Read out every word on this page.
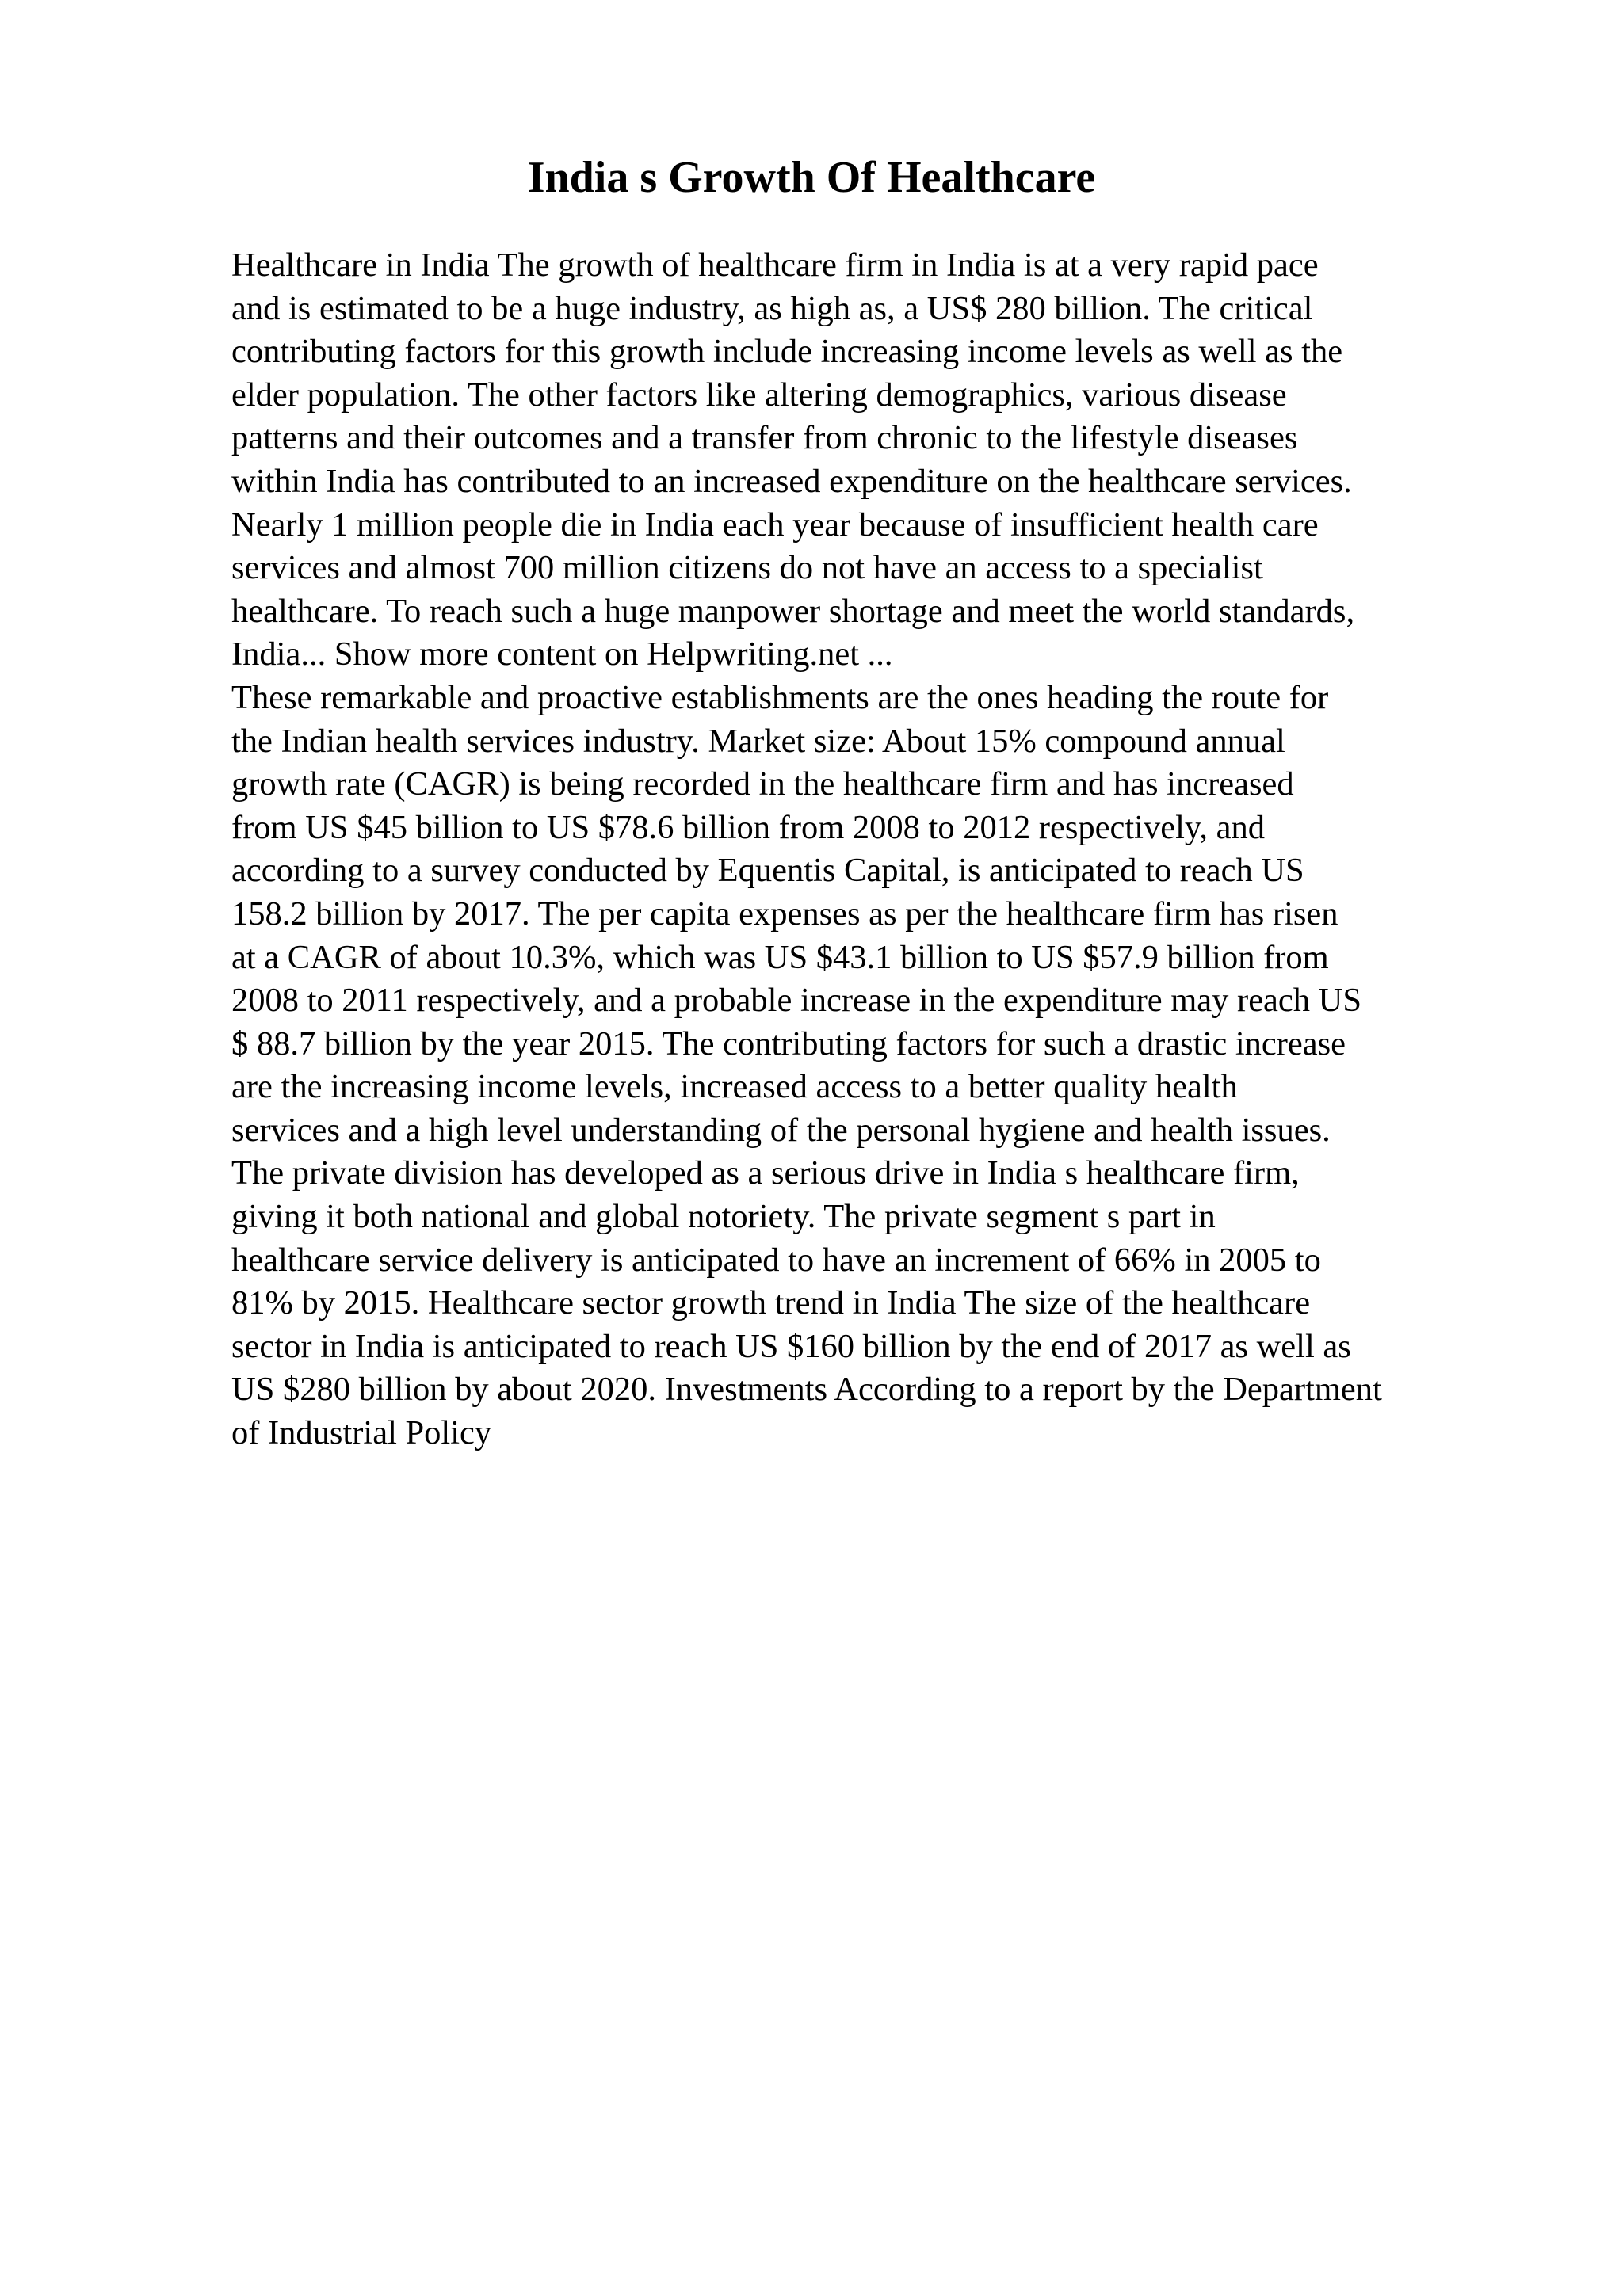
India s Growth Of Healthcare
Healthcare in India The growth of healthcare firm in India is at a very rapid pace
and is estimated to be a huge industry, as high as, a US$ 280 billion. The critical
contributing factors for this growth include increasing income levels as well as the
elder population. The other factors like altering demographics, various disease
patterns and their outcomes and a transfer from chronic to the lifestyle diseases
within India has contributed to an increased expenditure on the healthcare services.
Nearly 1 million people die in India each year because of insufficient health care
services and almost 700 million citizens do not have an access to a specialist
healthcare. To reach such a huge manpower shortage and meet the world standards,
India... Show more content on Helpwriting.net ...
These remarkable and proactive establishments are the ones heading the route for
the Indian health services industry. Market size: About 15% compound annual
growth rate (CAGR) is being recorded in the healthcare firm and has increased
from US $45 billion to US $78.6 billion from 2008 to 2012 respectively, and
according to a survey conducted by Equentis Capital, is anticipated to reach US
158.2 billion by 2017. The per capita expenses as per the healthcare firm has risen
at a CAGR of about 10.3%, which was US $43.1 billion to US $57.9 billion from
2008 to 2011 respectively, and a probable increase in the expenditure may reach US
$ 88.7 billion by the year 2015. The contributing factors for such a drastic increase
are the increasing income levels, increased access to a better quality health
services and a high level understanding of the personal hygiene and health issues.
The private division has developed as a serious drive in India s healthcare firm,
giving it both national and global notoriety. The private segment s part in
healthcare service delivery is anticipated to have an increment of 66% in 2005 to
81% by 2015. Healthcare sector growth trend in India The size of the healthcare
sector in India is anticipated to reach US $160 billion by the end of 2017 as well as
US $280 billion by about 2020. Investments According to a report by the Department
of Industrial Policy
